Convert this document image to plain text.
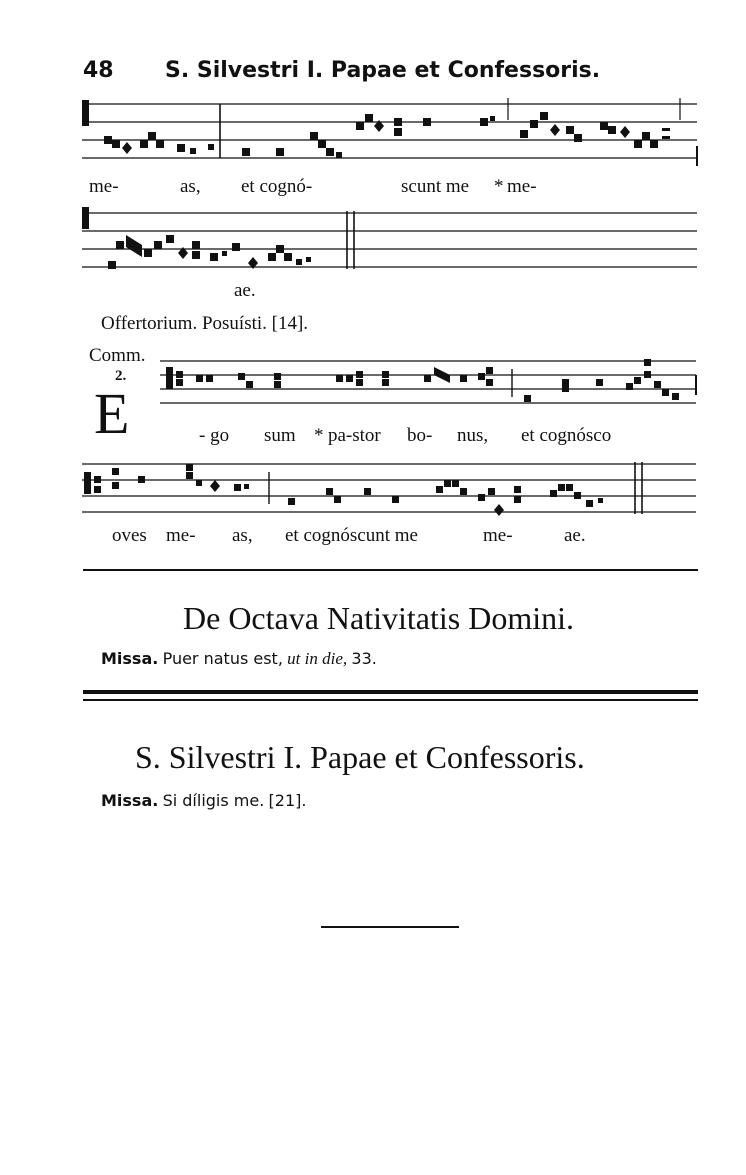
48 S. Silvestri I. Papae et Confessoris.
me-	as, et cognó-	scunt me * me-
ae.
Offertorium. Posuísti. [14].
Comm.
2.
E	- go sum * pa-stor bo- nus, et cognósco
oves me- as, et cognóscunt me	me-	ae.
De Octava Nativitatis Domini.
Missa. Puer natus est, ut in die, 33.
S. Silvestri I. Papae et Confessoris.
Missa. Si díligis me. [21].
